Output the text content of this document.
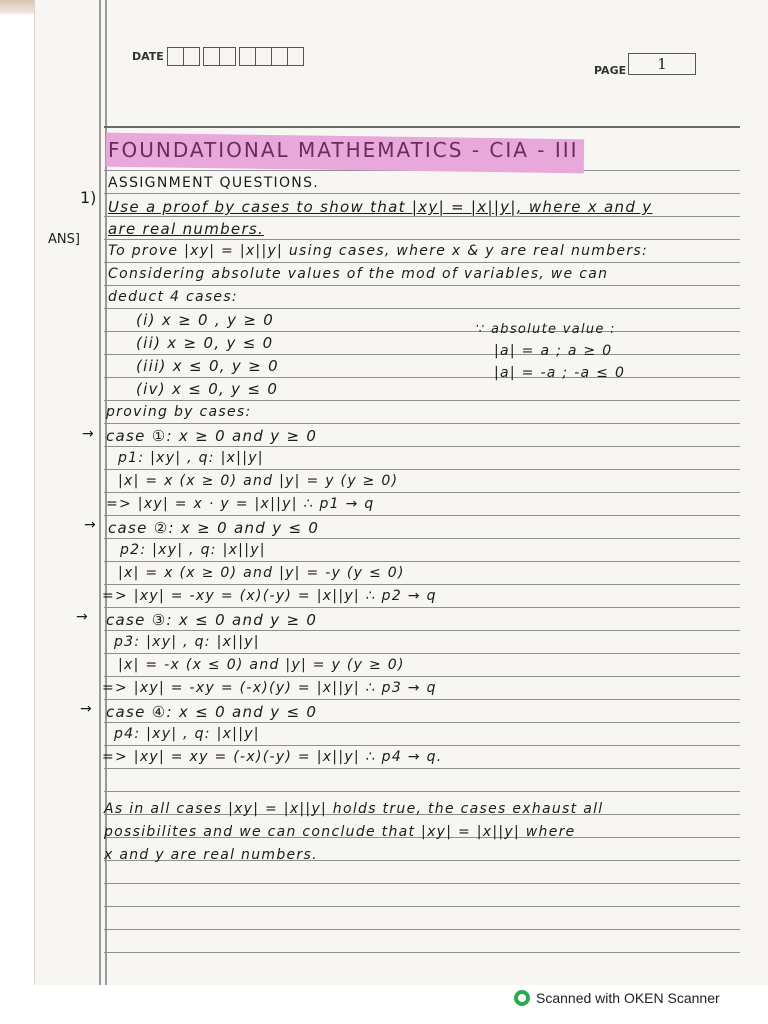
DATE
PAGE	1
FOUNDATIONAL MATHEMATICS - CIA - III
ASSIGNMENT QUESTIONS.
1) Use a proof by cases to show that |xy| = |x||y|, where x and y
are real numbers.
ANS]
To prove |xy| = |x||y| using cases, where x & y are real numbers:
Considering absolute values of the mod of variables, we can
deduct 4 cases:
(i) x ≥ 0 , y ≥ 0
(ii) x ≥ 0, y ≤ 0
(iii) x ≤ 0, y ≥ 0
(iv) x ≤ 0, y ≤ 0
∵ absolute value :
|a| = a ; a ≥ 0
|a| = -a ; -a ≤ 0
proving by cases:
→ case ①: x ≥ 0 and y ≥ 0
p1: |xy| , q: |x||y|
|x| = x (x ≥ 0) and |y| = y (y ≥ 0)
=> |xy| = x · y = |x||y| ∴ p1 → q
→ case ②: x ≥ 0 and y ≤ 0
p2: |xy| , q: |x||y|
|x| = x (x ≥ 0) and |y| = -y (y ≤ 0)
=> |xy| = -xy = (x)(-y) = |x||y| ∴ p2 → q
→ case ③: x ≤ 0 and y ≥ 0
p3: |xy| , q: |x||y|
|x| = -x (x ≤ 0) and |y| = y (y ≥ 0)
=> |xy| = -xy = (-x)(y) = |x||y| ∴ p3 → q
→ case ④: x ≤ 0 and y ≤ 0
p4: |xy| , q: |x||y|
=> |xy| = xy = (-x)(-y) = |x||y| ∴ p4 → q.
As in all cases |xy| = |x||y| holds true, the cases exhaust all
possibilites and we can conclude that |xy| = |x||y| where
x and y are real numbers.
Scanned with OKEN Scanner
